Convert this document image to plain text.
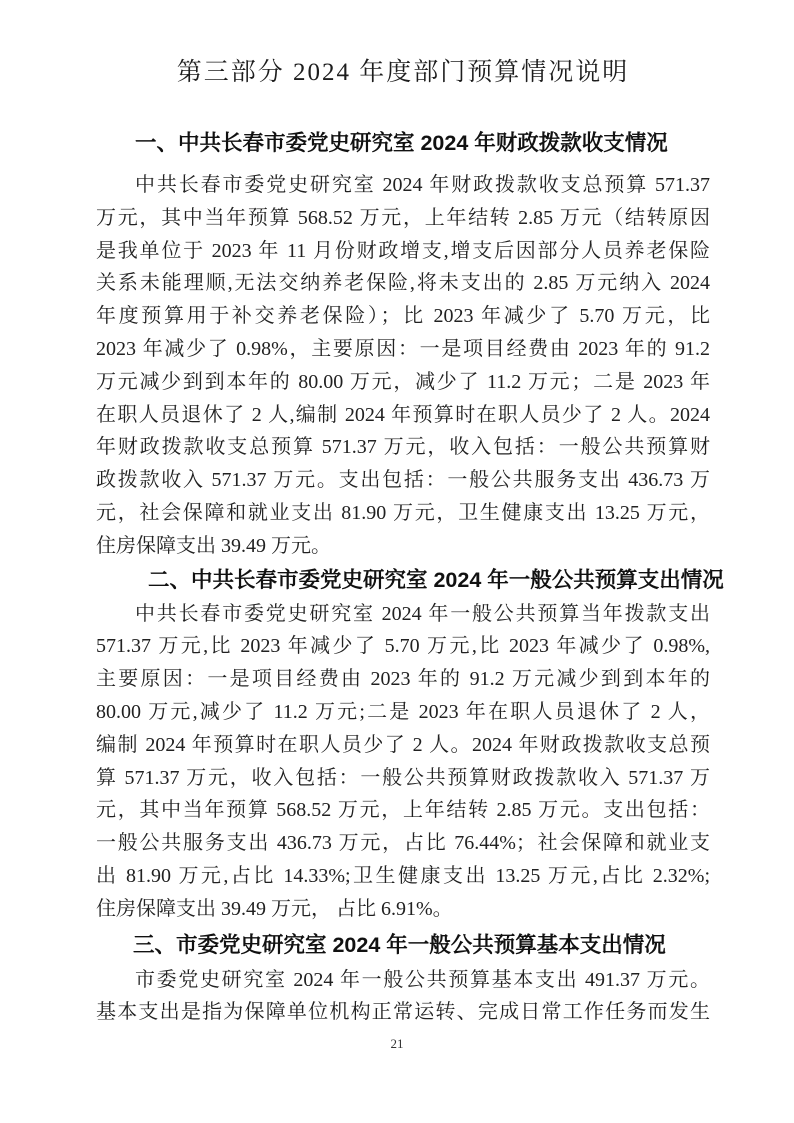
第三部分 2024 年度部门预算情况说明
一、中共长春市委党史研究室 2024 年财政拨款收支情况
中共长春市委党史研究室 2024 年财政拨款收支总预算 571.37
万元，其中当年预算 568.52 万元，上年结转 2.85 万元（结转原因
是我单位于 2023 年 11 月份财政增支,增支后因部分人员养老保险
关系未能理顺,无法交纳养老保险,将未支出的 2.85 万元纳入 2024
年度预算用于补交养老保险）；比 2023 年减少了 5.70 万元，比
2023 年减少了 0.98%，主要原因：一是项目经费由 2023 年的 91.2
万元减少到到本年的 80.00 万元，减少了 11.2 万元；二是 2023 年
在职人员退休了 2 人,编制 2024 年预算时在职人员少了 2 人。2024
年财政拨款收支总预算 571.37 万元，收入包括：一般公共预算财
政拨款收入 571.37 万元。支出包括：一般公共服务支出 436.73 万
元，社会保障和就业支出 81.90 万元，卫生健康支出 13.25 万元，
住房保障支出 39.49 万元。
二、中共长春市委党史研究室 2024 年一般公共预算支出情况
中共长春市委党史研究室 2024 年一般公共预算当年拨款支出
571.37 万元,比 2023 年减少了 5.70 万元,比 2023 年减少了 0.98%,
主要原因：一是项目经费由 2023 年的 91.2 万元减少到到本年的
80.00 万元,减少了 11.2 万元;二是 2023 年在职人员退休了 2 人，
编制 2024 年预算时在职人员少了 2 人。2024 年财政拨款收支总预
算 571.37 万元，收入包括：一般公共预算财政拨款收入 571.37 万
元，其中当年预算 568.52 万元，上年结转 2.85 万元。支出包括：
一般公共服务支出 436.73 万元，占比 76.44%；社会保障和就业支
出 81.90 万元,占比 14.33%;卫生健康支出 13.25 万元,占比 2.32%;
住房保障支出 39.49 万元， 占比 6.91%。
三、市委党史研究室 2024 年一般公共预算基本支出情况
市委党史研究室 2024 年一般公共预算基本支出 491.37 万元。
基本支出是指为保障单位机构正常运转、完成日常工作任务而发生
21
